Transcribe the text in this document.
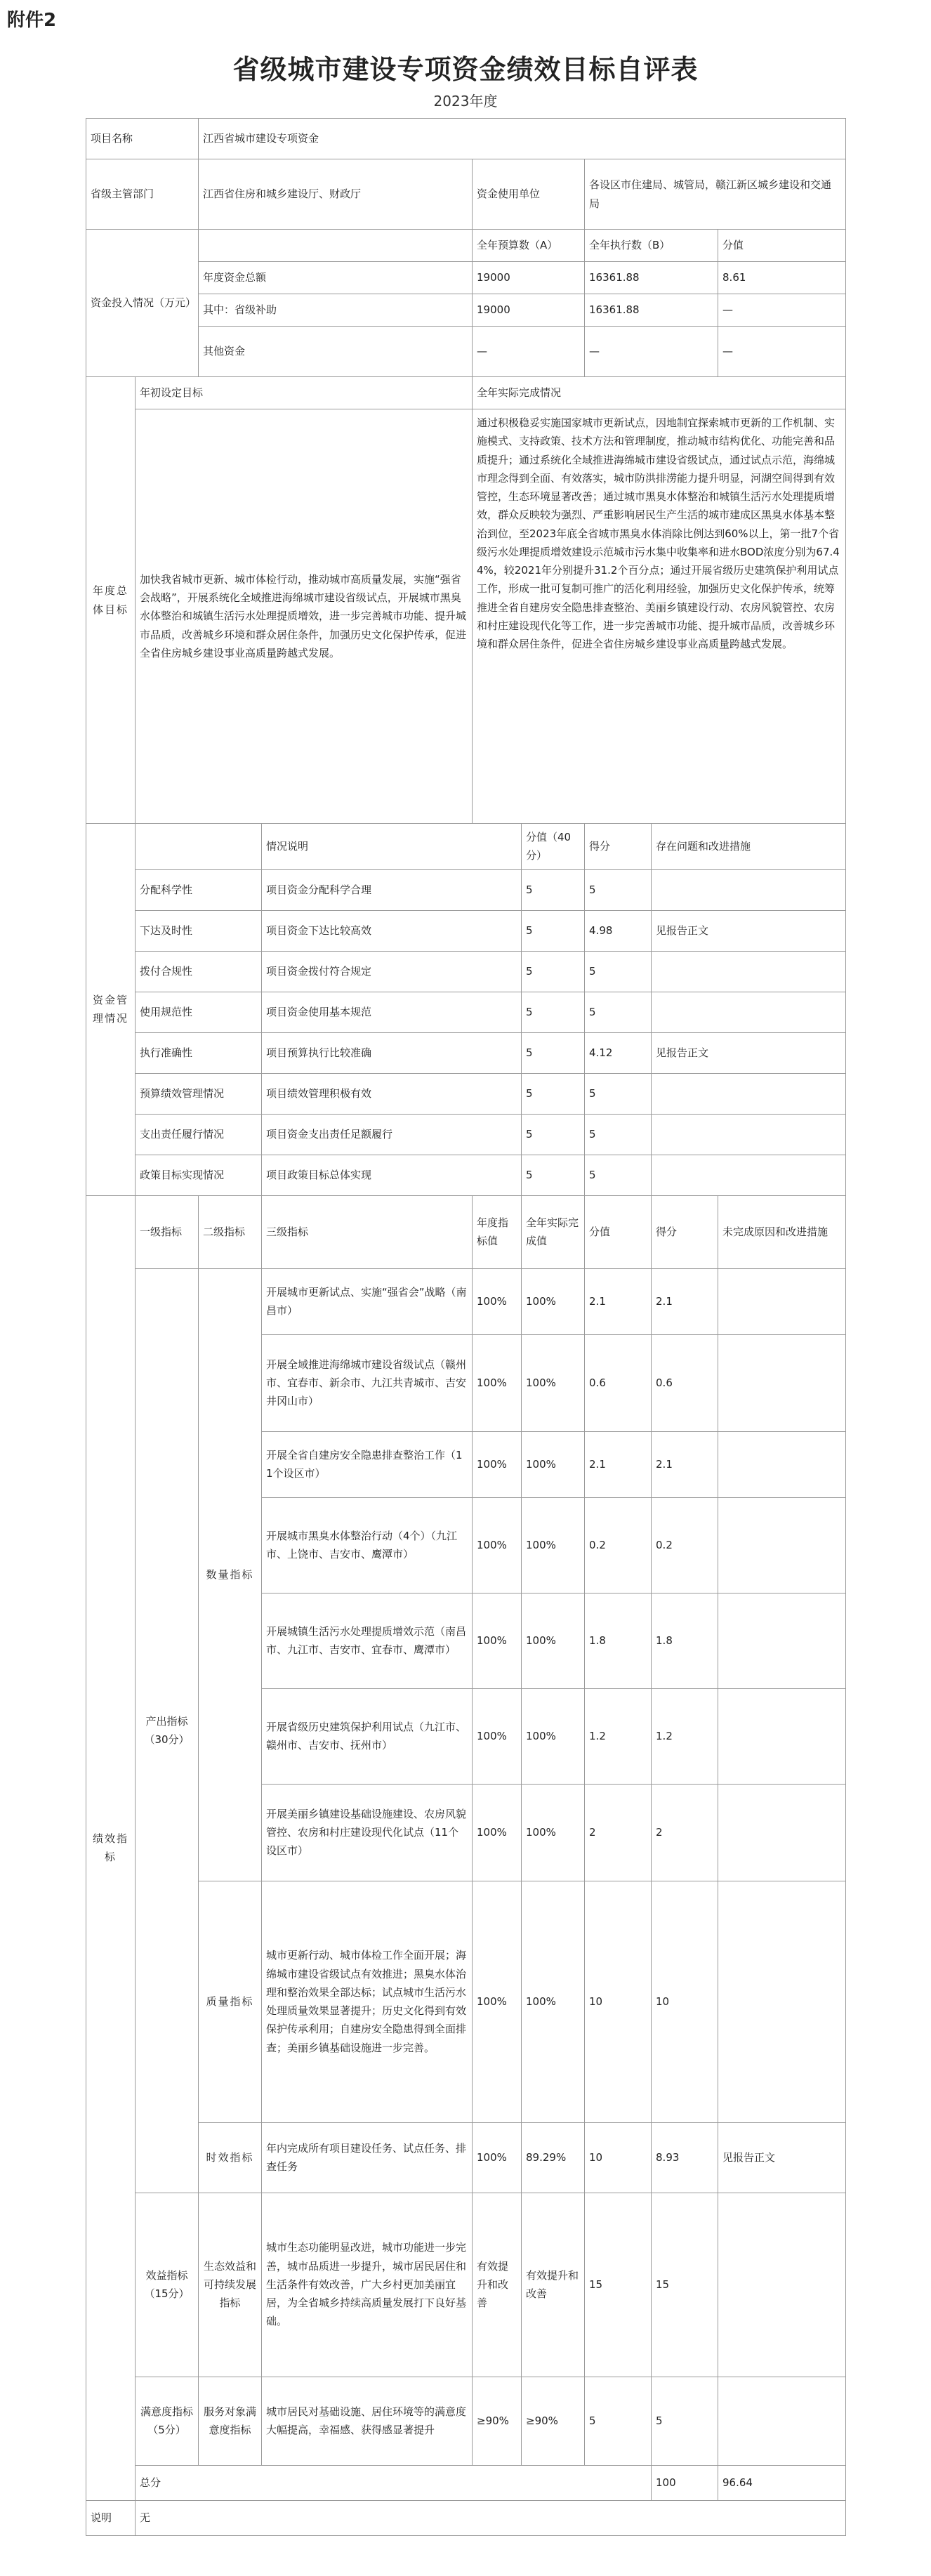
附件2
省级城市建设专项资金绩效目标自评表
2023年度
项目名称		江西省城市建设专项资金							
省级主管部门		江西省住房和城乡建设厅、财政厅		资金使用单位		各设区市住建局、城管局，赣江新区城乡建设和交通局			
资金投入情况（万元）				全年预算数（A）		全年执行数（B）		分值	
		年度资金总额		19000		16361.88		8.61	
		其中：省级补助		19000		16361.88		—	
		其他资金		—		—		—	
年度总体目标	年初设定目标			全年实际完成情况					
	加快我省城市更新、城市体检行动，推动城市高质量发展，实施“强省会战略”，开展系统化全域推进海绵城市建设省级试点，开展城市黑臭水体整治和城镇生活污水处理提质增效，进一步完善城市功能、提升城市品质，改善城乡环境和群众居住条件，加强历史文化保护传承，促进全省住房城乡建设事业高质量跨越式发展。			通过积极稳妥实施国家城市更新试点，因地制宜探索城市更新的工作机制、实施模式、支持政策、技术方法和管理制度，推动城市结构优化、功能完善和品质提升；通过系统化全域推进海绵城市建设省级试点，通过试点示范，海绵城市理念得到全面、有效落实，城市防洪排涝能力提升明显，河湖空间得到有效管控，生态环境显著改善；通过城市黑臭水体整治和城镇生活污水处理提质增效，群众反映较为强烈、严重影响居民生产生活的城市建成区黑臭水体基本整治到位，至2023年底全省城市黑臭水体消除比例达到60%以上，第一批7个省级污水处理提质增效建设示范城市污水集中收集率和进水BOD浓度分别为67.44%，较2021年分别提升31.2个百分点；通过开展省级历史建筑保护利用试点工作，形成一批可复制可推广的活化利用经验，加强历史文化保护传承，统筹推进全省自建房安全隐患排查整治、美丽乡镇建设行动、农房风貌管控、农房和村庄建设现代化等工作，进一步完善城市功能、提升城市品质，改善城乡环境和群众居住条件，促进全省住房城乡建设事业高质量跨越式发展。					
资金管理情况			情况说明		分值（40分）	得分	存在问题和改进措施		
	分配科学性		项目资金分配科学合理		5	5			
	下达及时性		项目资金下达比较高效		5	4.98	见报告正文		
	拨付合规性		项目资金拨付符合规定		5	5			
	使用规范性		项目资金使用基本规范		5	5			
	执行准确性		项目预算执行比较准确		5	4.12	见报告正文		
	预算绩效管理情况		项目绩效管理积极有效		5	5			
	支出责任履行情况		项目资金支出责任足额履行		5	5			
	政策目标实现情况		项目政策目标总体实现		5	5			
绩效指标	一级指标	二级指标	三级指标	年度指标值	全年实际完成值	分值	得分	未完成原因和改进措施	
	产出指标（30分）	数量指标	开展城市更新试点、实施“强省会”战略（南昌市）	100%	100%	2.1	2.1		
			开展全域推进海绵城市建设省级试点（赣州市、宜春市、新余市、九江共青城市、吉安井冈山市）	100%	100%	0.6	0.6		
			开展全省自建房安全隐患排查整治工作（11个设区市）	100%	100%	2.1	2.1		
			开展城市黑臭水体整治行动（4个）（九江市、上饶市、吉安市、鹰潭市）	100%	100%	0.2	0.2		
			开展城镇生活污水处理提质增效示范（南昌市、九江市、吉安市、宜春市、鹰潭市）	100%	100%	1.8	1.8		
			开展省级历史建筑保护利用试点（九江市、赣州市、吉安市、抚州市）	100%	100%	1.2	1.2		
			开展美丽乡镇建设基础设施建设、农房风貌管控、农房和村庄建设现代化试点（11个设区市）	100%	100%	2	2		
		质量指标	城市更新行动、城市体检工作全面开展；海绵城市建设省级试点有效推进；黑臭水体治理和整治效果全部达标；试点城市生活污水处理质量效果显著提升；历史文化得到有效保护传承利用；自建房安全隐患得到全面排查；美丽乡镇基础设施进一步完善。	100%	100%	10	10		
		时效指标	年内完成所有项目建设任务、试点任务、排查任务	100%	89.29%	10	8.93	见报告正文	
	效益指标（15分）	生态效益和可持续发展指标	城市生态功能明显改进，城市功能进一步完善，城市品质进一步提升，城市居民居住和生活条件有效改善，广大乡村更加美丽宜居，为全省城乡持续高质量发展打下良好基础。	有效提升和改善	有效提升和改善	15	15		
	满意度指标（5分）	服务对象满意度指标	城市居民对基础设施、居住环境等的满意度大幅提高，幸福感、获得感显著提升	≥90%	≥90%	5	5		
	总分						100	96.64	
说明	无								
